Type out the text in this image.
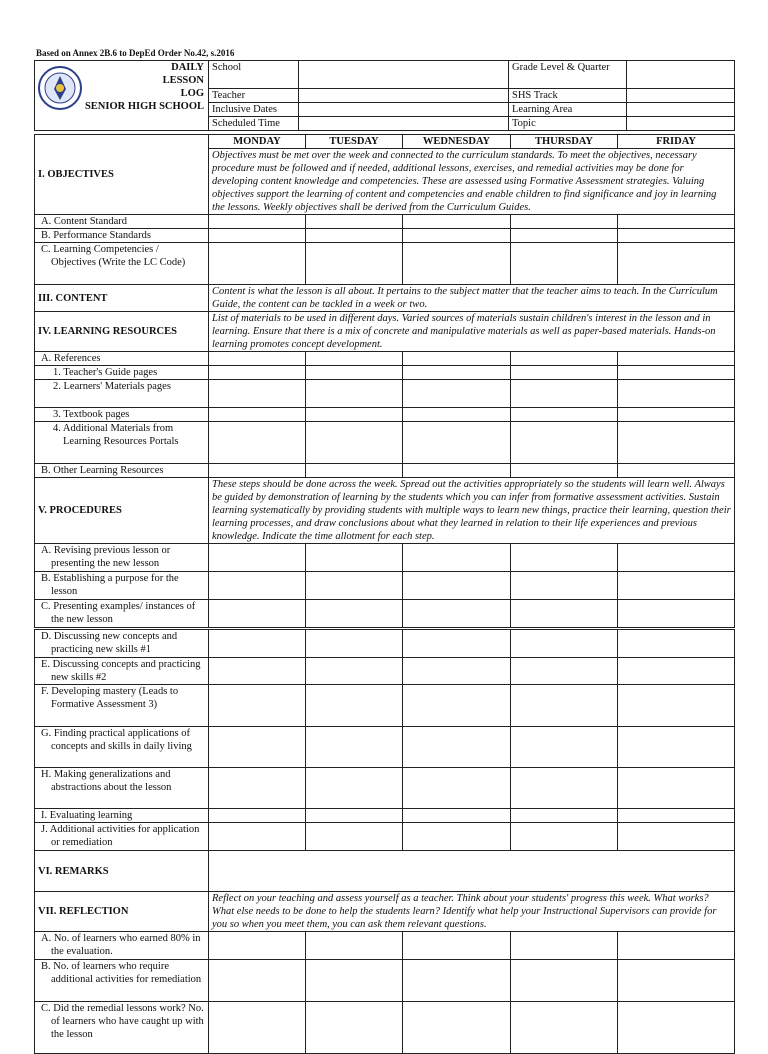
Based on Annex 2B.6 to DepEd Order No.42, s.2016
DAILY
LESSON
LOG
SENIOR HIGH SCHOOL	School		Grade Level & Quarter	
	Teacher		SHS Track	
	Inclusive Dates		Learning Area	
	Scheduled Time		Topic	
I. OBJECTIVES	MONDAY	TUESDAY	WEDNESDAY	THURSDAY	FRIDAY
	Objectives must be met over the week and connected to the curriculum standards. To meet the objectives, necessary procedure must be followed and if needed, additional lessons, exercises, and remedial activities may be done for developing content knowledge and competencies. These are assessed using Formative Assessment strategies. Valuing objectives support the learning of content and competencies and enable children to find significance and joy in learning the lessons. Weekly objectives shall be derived from the Curriculum Guides.				
A. Content Standard					
B. Performance Standards					
C. Learning Competencies / Objectives (Write the LC Code)					
III. CONTENT	Content is what the lesson is all about. It pertains to the subject matter that the teacher aims to teach. In the Curriculum Guide, the content can be tackled in a week or two.				
IV. LEARNING RESOURCES	List of materials to be used in different days. Varied sources of materials sustain children's interest in the lesson and in learning. Ensure that there is a mix of concrete and manipulative materials as well as paper-based materials. Hands-on learning promotes concept development.				
A. References					
1. Teacher's Guide pages					
2. Learners' Materials pages					
3. Textbook pages					
4. Additional Materials from Learning Resources Portals					
B. Other Learning Resources					
V. PROCEDURES	These steps should be done across the week. Spread out the activities appropriately so the students will learn well. Always be guided by demonstration of learning by the students which you can infer from formative assessment activities. Sustain learning systematically by providing students with multiple ways to learn new things, practice their learning, question their learning processes, and draw conclusions about what they learned in relation to their life experiences and previous knowledge. Indicate the time allotment for each step.				
A. Revising previous lesson or presenting the new lesson					
B. Establishing a purpose for the lesson					
C. Presenting examples/ instances of the new lesson					
D. Discussing new concepts and practicing new skills #1					
E. Discussing concepts and practicing new skills #2					
F. Developing mastery (Leads to Formative Assessment 3)					
G. Finding practical applications of concepts and skills in daily living					
H. Making generalizations and abstractions about the lesson					
I. Evaluating learning					
J. Additional activities for application or remediation					
VI. REMARKS					
VII. REFLECTION	Reflect on your teaching and assess yourself as a teacher. Think about your students' progress this week. What works? What else needs to be done to help the students learn? Identify what help your Instructional Supervisors can provide for you so when you meet them, you can ask them relevant questions.				
A. No. of learners who earned 80% in the evaluation.					
B. No. of learners who require additional activities for remediation					
C. Did the remedial lessons work? No. of learners who have caught up with the lesson					
